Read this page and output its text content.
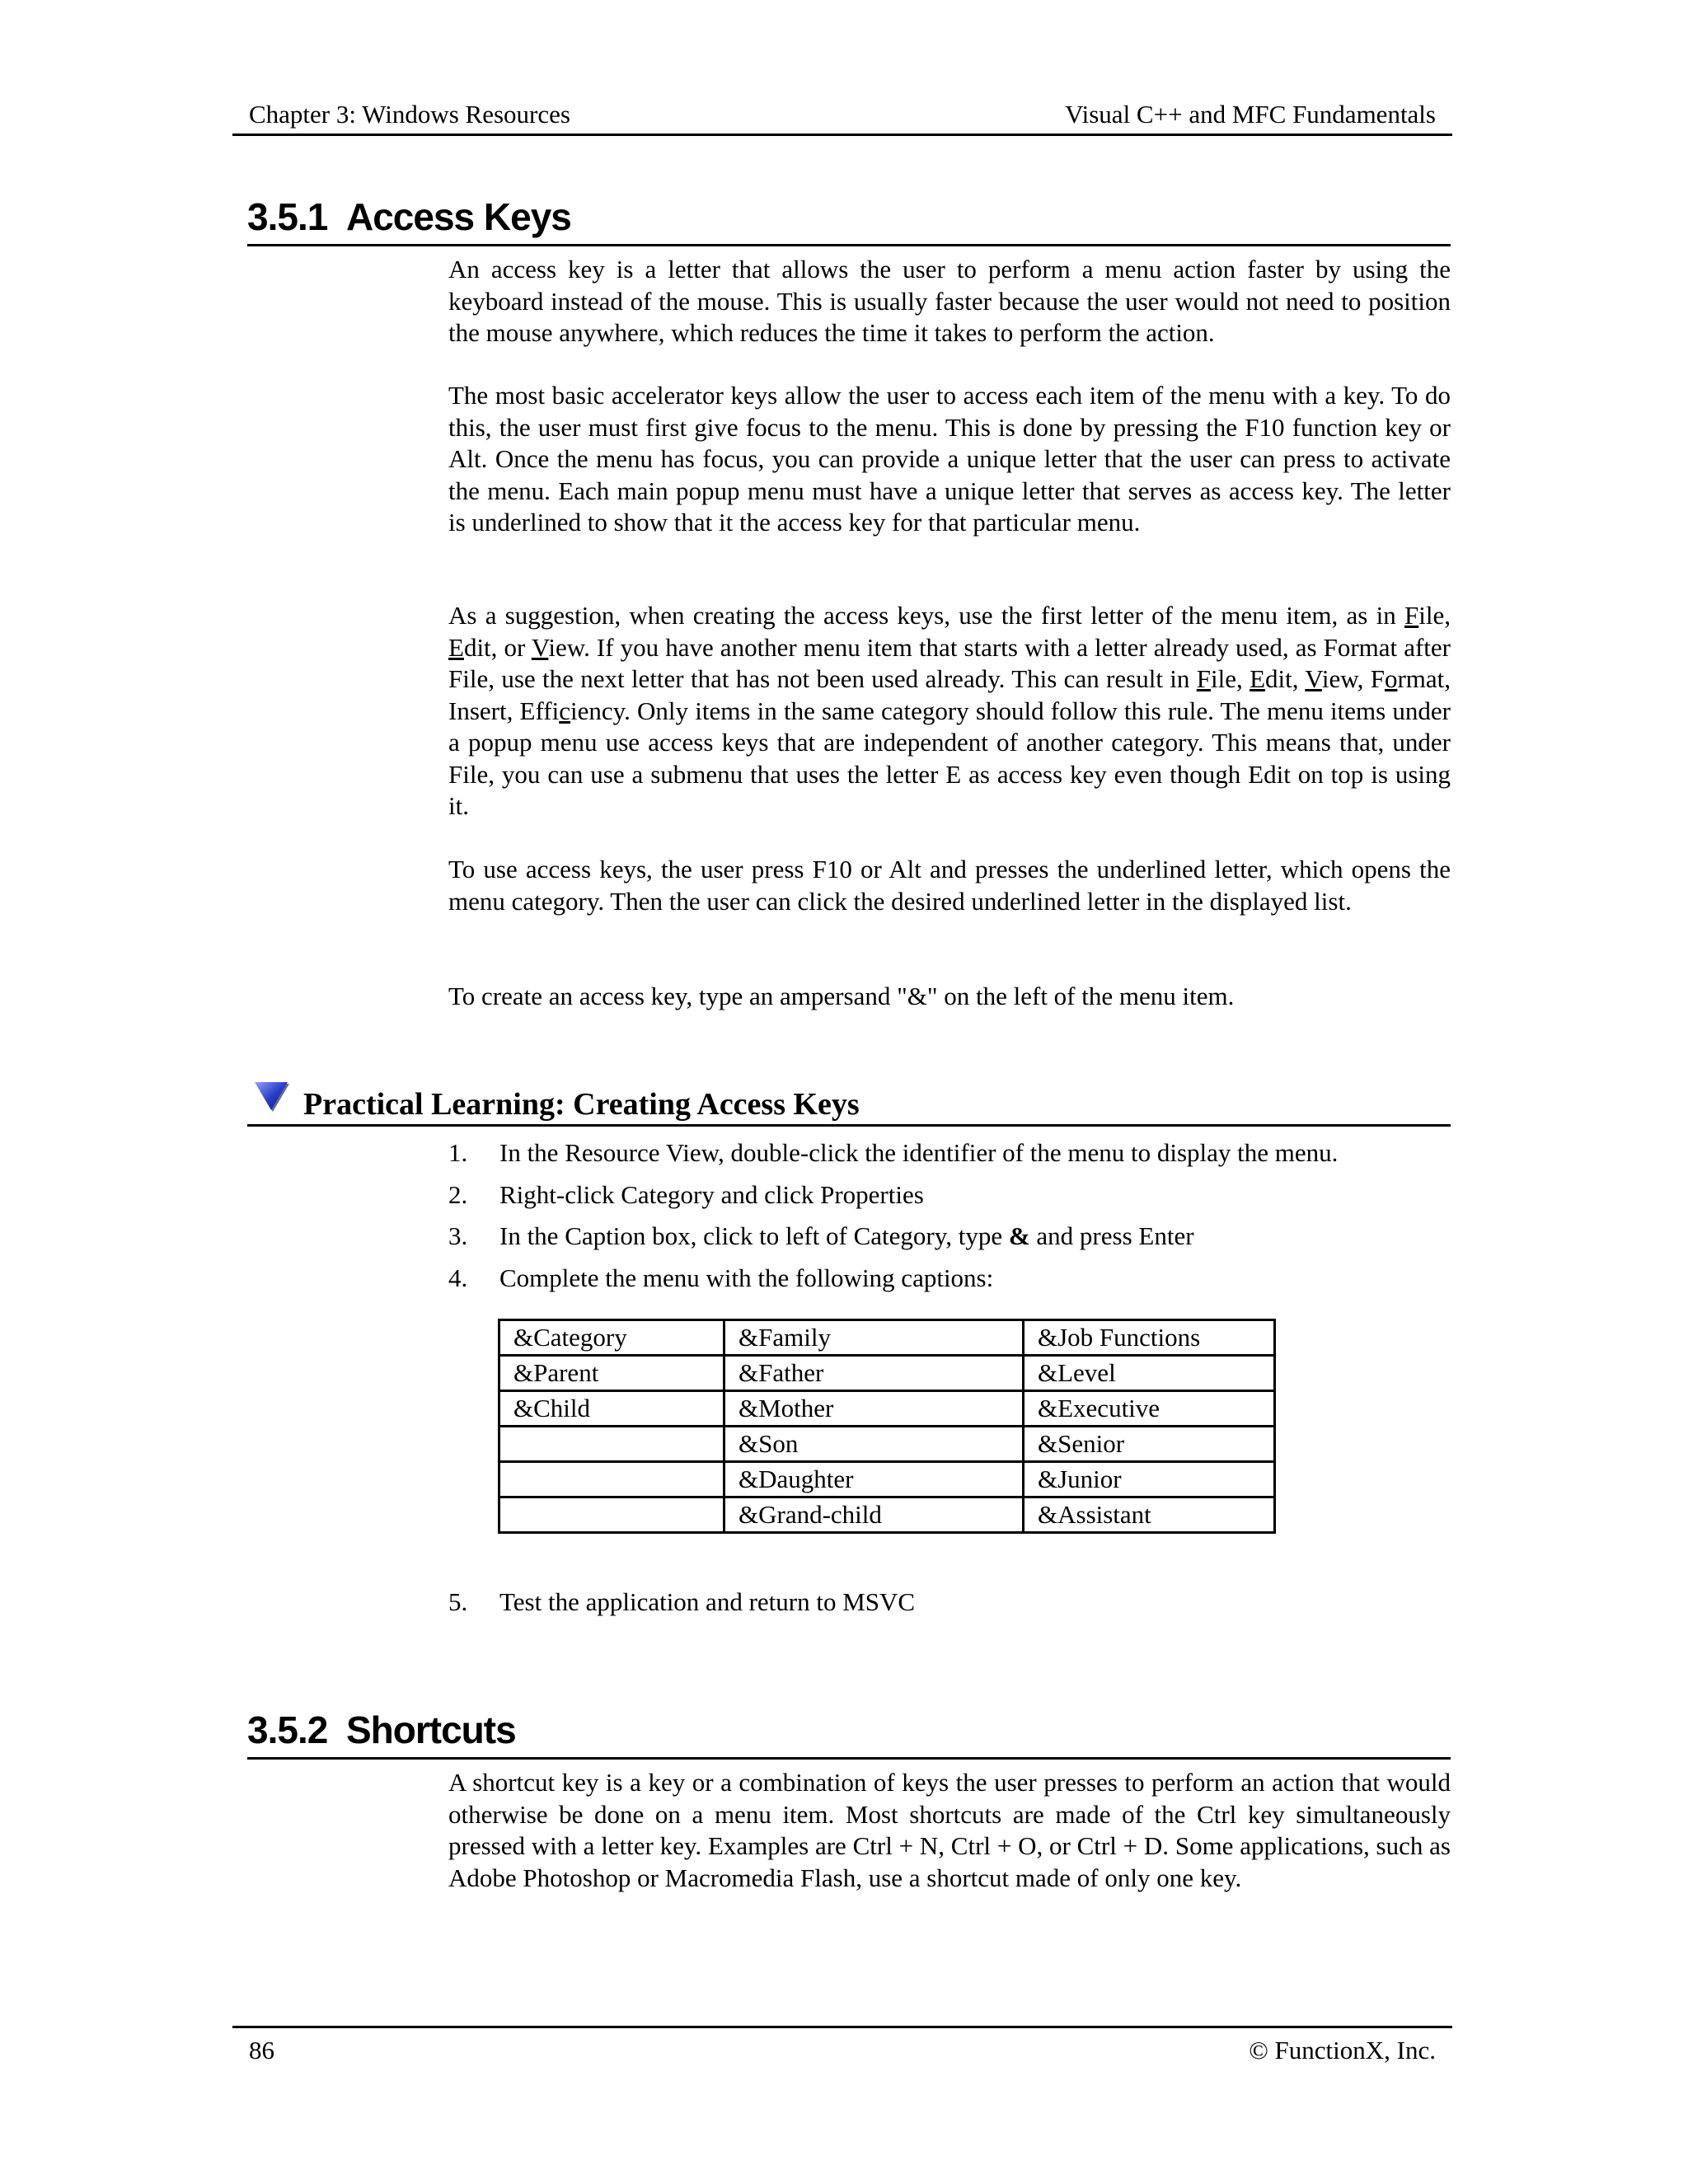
Chapter 3: Windows Resources	Visual C++ and MFC Fundamentals
3.5.1 Access Keys

An access key is a letter that allows the user to perform a menu action faster by using the keyboard instead of the mouse. This is usually faster because the user would not need to position the mouse anywhere, which reduces the time it takes to perform the action.

The most basic accelerator keys allow the user to access each item of the menu with a key. To do this, the user must first give focus to the menu. This is done by pressing the F10 function key or Alt. Once the menu has focus, you can provide a unique letter that the user can press to activate the menu. Each main popup menu must have a unique letter that serves as access key. The letter is underlined to show that it the access key for that particular menu.

As a suggestion, when creating the access keys, use the first letter of the menu item, as in File, Edit, or View. If you have another menu item that starts with a letter already used, as Format after File, use the next letter that has not been used already. This can result in File, Edit, View, Format, Insert, Efficiency. Only items in the same category should follow this rule. The menu items under a popup menu use access keys that are independent of another category. This means that, under File, you can use a submenu that uses the letter E as access key even though Edit on top is using it.

To use access keys, the user press F10 or Alt and presses the underlined letter, which opens the menu category. Then the user can click the desired underlined letter in the displayed list.

To create an access key, type an ampersand "&" on the left of the menu item.

Practical Learning: Creating Access Keys
1. In the Resource View, double-click the identifier of the menu to display the menu.
2. Right-click Category and click Properties
3. In the Caption box, click to left of Category, type & and press Enter
4. Complete the menu with the following captions:
5. Test the application and return to MSVC
&Category	&Family	&Job Functions
&Parent	&Father	&Level
&Child	&Mother	&Executive
	&Son	&Senior
	&Daughter	&Junior
	&Grand-child	&Assistant
3.5.2 Shortcuts

A shortcut key is a key or a combination of keys the user presses to perform an action that would otherwise be done on a menu item. Most shortcuts are made of the Ctrl key simultaneously pressed with a letter key. Examples are Ctrl + N, Ctrl + O, or Ctrl + D. Some applications, such as Adobe Photoshop or Macromedia Flash, use a shortcut made of only one key.

86	© FunctionX, Inc.
